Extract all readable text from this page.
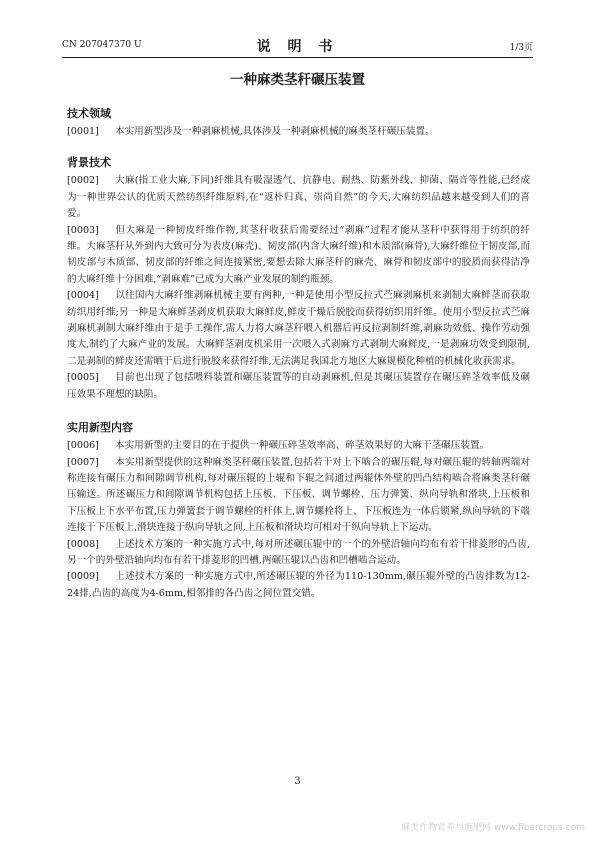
CN 207047370 U	说 明 书	1/3页
一种麻类茎秆碾压装置
技术领域

[0001] 本实用新型涉及一种剥麻机械,具体涉及一种剥麻机械的麻类茎秆碾压装置。

背景技术

[0002] 大麻(指工业大麻,下同)纤维具有吸湿透气、抗静电、耐热、防紫外线、抑菌、隔音等性能,已经成为一种世界公认的优质天然纺织纤维原料,在“返朴归真、崇尚自然”的今天,大麻纺织品越来越受到人们的喜爱。

[0003] 但大麻是一种韧皮纤维作物,其茎秆收获后需要经过“剥麻”过程才能从茎秆中获得用于纺织的纤维。大麻茎秆从外到内大致可分为表皮(麻壳)、韧皮部(内含大麻纤维)和木质部(麻骨),大麻纤维位于韧皮部,而韧皮部与木质部、韧皮部的纤维之间连接紧密,要想去除大麻茎秆的麻壳、麻骨和韧皮部中的胶质而获得洁净的大麻纤维十分困难,“剥麻难”已成为大麻产业发展的制约瓶颈。

[0004] 以往国内大麻纤维剥麻机械主要有两种,一种是使用小型反拉式苎麻剥麻机来剥制大麻鲜茎而获取纺织用纤维;另一种是大麻鲜茎剥皮机获取大麻鲜皮,鲜皮干燥后脱胶而获得纺织用纤维。使用小型反拉式苎麻剥麻机剥制大麻纤维由于是手工操作,需人力将大麻茎秆喂入机器后再反拉剥制纤维,剥麻功效低、操作劳动强度大,制约了大麻产业的发展。大麻鲜茎剥皮机采用一次喂入式剥麻方式剥制大麻鲜皮,一是剥麻功效受到限制,二是剥制的鲜皮还需晒干后进行脱胶来获得纤维,无法满足我国北方地区大麻规模化种植的机械化收获需求。

[0005] 目前也出现了包括喂料装置和碾压装置等的自动剥麻机,但是其碾压装置存在碾压碎茎效率低及碾压效果不理想的缺陷。

实用新型内容

[0006] 本实用新型的主要目的在于提供一种碾压碎茎效率高、碎茎效果好的大麻干茎碾压装置。

[0007] 本实用新型提供的这种麻类茎秆碾压装置,包括若干对上下啮合的碾压辊,每对碾压辊的转轴两端对称连接有碾压力和间隙调节机构,每对碾压辊的上辊和下辊之间通过两辊体外壁的凹凸结构啮合将麻类茎秆碾压输送。所述碾压力和间隙调节机构包括上压板、下压板、调节螺栓、压力弹簧、纵向导轨和滑块,上压板和下压板上下水平布置,压力弹簧套于调节螺栓的杆体上,调节螺栓将上、下压板连为一体后锁紧,纵向导轨的下端连接于下压板上,滑块连接于纵向导轨之间,上压板和滑块均可相对于纵向导轨上下运动。

[0008] 上述技术方案的一种实施方式中,每对所述碾压辊中的一个的外壁沿轴向均布有若干排菱形的凸齿,另一个的外壁沿轴向均布有若干排菱形的凹槽,两碾压辊以凸齿和凹槽啮合运动。

[0009] 上述技术方案的一种实施方式中,所述碾压辊的外径为110-130mm,碾压辊外壁的凸齿排数为12-24排,凸齿的高度为4-6mm,相邻排的各凸齿之间位置交错。

3
麻类作物营养与施肥网 www.fibercrops.com
